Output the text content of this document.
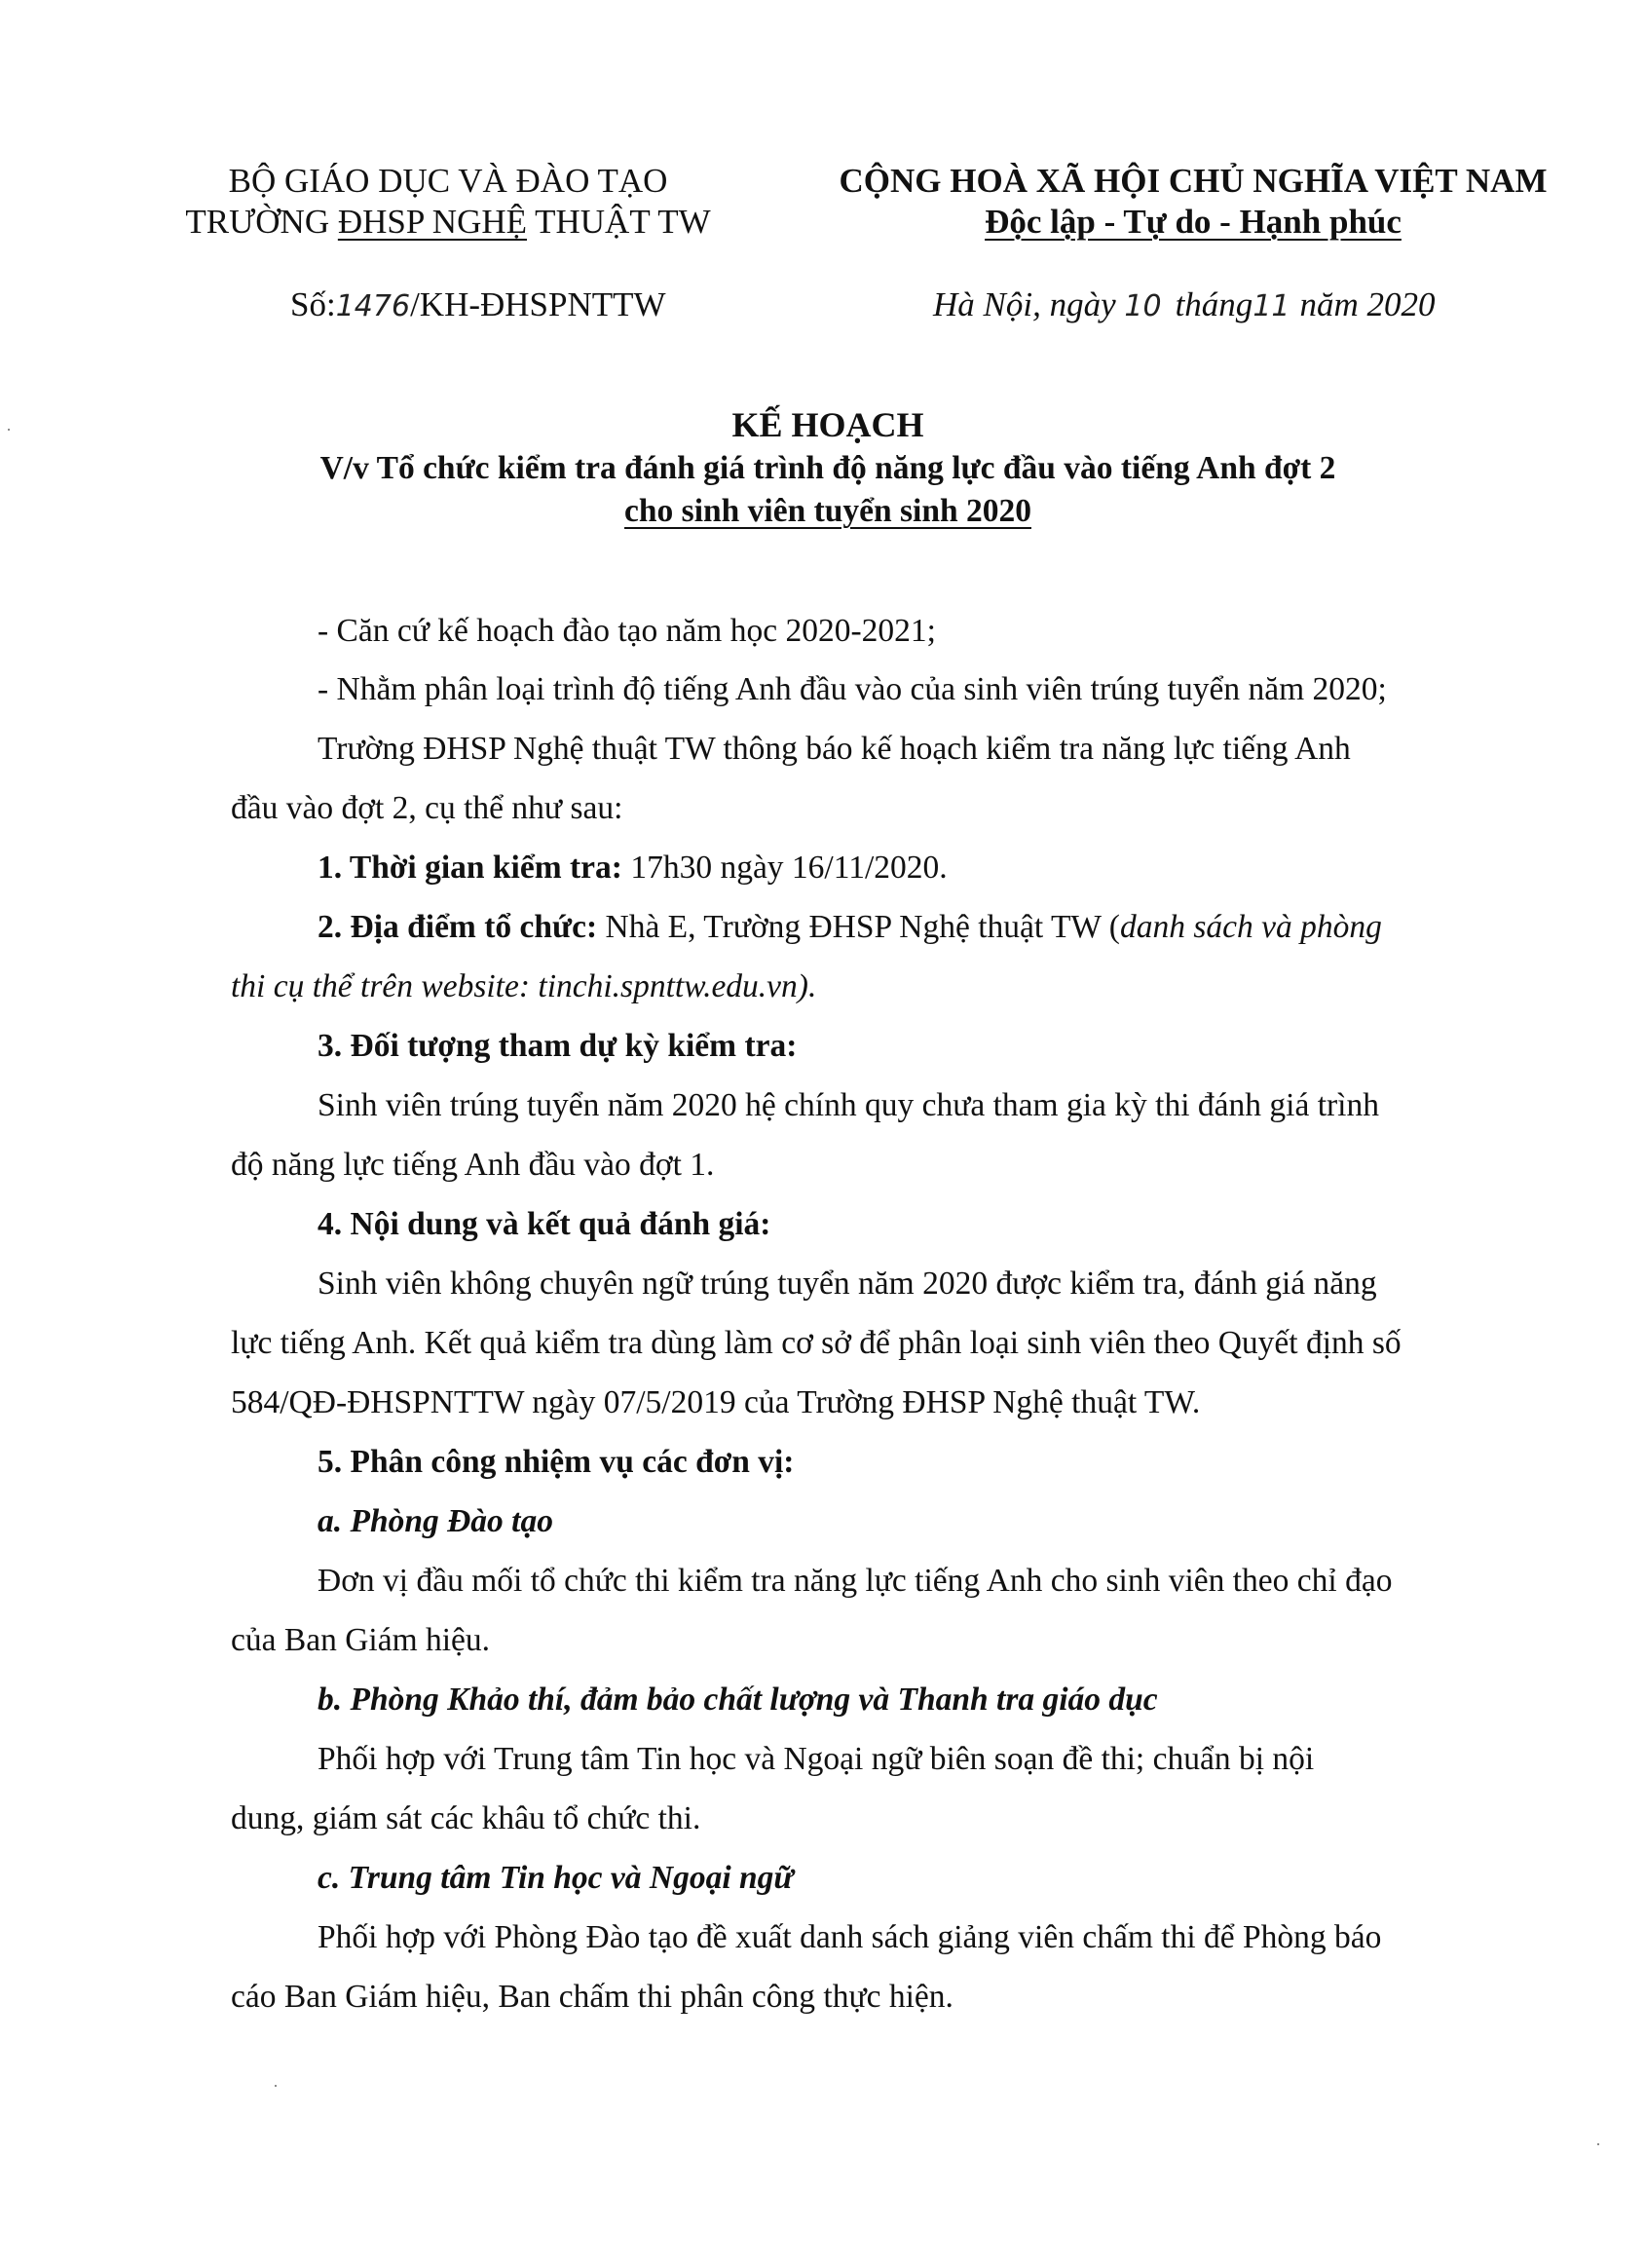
BỘ GIÁO DỤC VÀ ĐÀO TẠO
TRƯỜNG ĐHSP NGHỆ THUẬT TW
CỘNG HOÀ XÃ HỘI CHỦ NGHĨA VIỆT NAM
Độc lập - Tự do - Hạnh phúc
Số:1476/KH-ĐHSPNTTW	Hà Nội, ngày 10 tháng11 năm 2020
KẾ HOẠCH
V/v Tổ chức kiểm tra đánh giá trình độ năng lực đầu vào tiếng Anh đợt 2
cho sinh viên tuyển sinh 2020
- Căn cứ kế hoạch đào tạo năm học 2020-2021;
- Nhằm phân loại trình độ tiếng Anh đầu vào của sinh viên trúng tuyển năm 2020;
Trường ĐHSP Nghệ thuật TW thông báo kế hoạch kiểm tra năng lực tiếng Anh
đầu vào đợt 2, cụ thể như sau:
1. Thời gian kiểm tra: 17h30 ngày 16/11/2020.
2. Địa điểm tổ chức: Nhà E, Trường ĐHSP Nghệ thuật TW (danh sách và phòng
thi cụ thể trên website: tinchi.spnttw.edu.vn).
3. Đối tượng tham dự kỳ kiểm tra:
Sinh viên trúng tuyển năm 2020 hệ chính quy chưa tham gia kỳ thi đánh giá trình
độ năng lực tiếng Anh đầu vào đợt 1.
4. Nội dung và kết quả đánh giá:
Sinh viên không chuyên ngữ trúng tuyển năm 2020 được kiểm tra, đánh giá năng
lực tiếng Anh. Kết quả kiểm tra dùng làm cơ sở để phân loại sinh viên theo Quyết định số
584/QĐ-ĐHSPNTTW ngày 07/5/2019 của Trường ĐHSP Nghệ thuật TW.
5. Phân công nhiệm vụ các đơn vị:
a. Phòng Đào tạo
Đơn vị đầu mối tổ chức thi kiểm tra năng lực tiếng Anh cho sinh viên theo chỉ đạo
của Ban Giám hiệu.
b. Phòng Khảo thí, đảm bảo chất lượng và Thanh tra giáo dục
Phối hợp với Trung tâm Tin học và Ngoại ngữ biên soạn đề thi; chuẩn bị nội
dung, giám sát các khâu tổ chức thi.
c. Trung tâm Tin học và Ngoại ngữ
Phối hợp với Phòng Đào tạo đề xuất danh sách giảng viên chấm thi để Phòng báo
cáo Ban Giám hiệu, Ban chấm thi phân công thực hiện.
